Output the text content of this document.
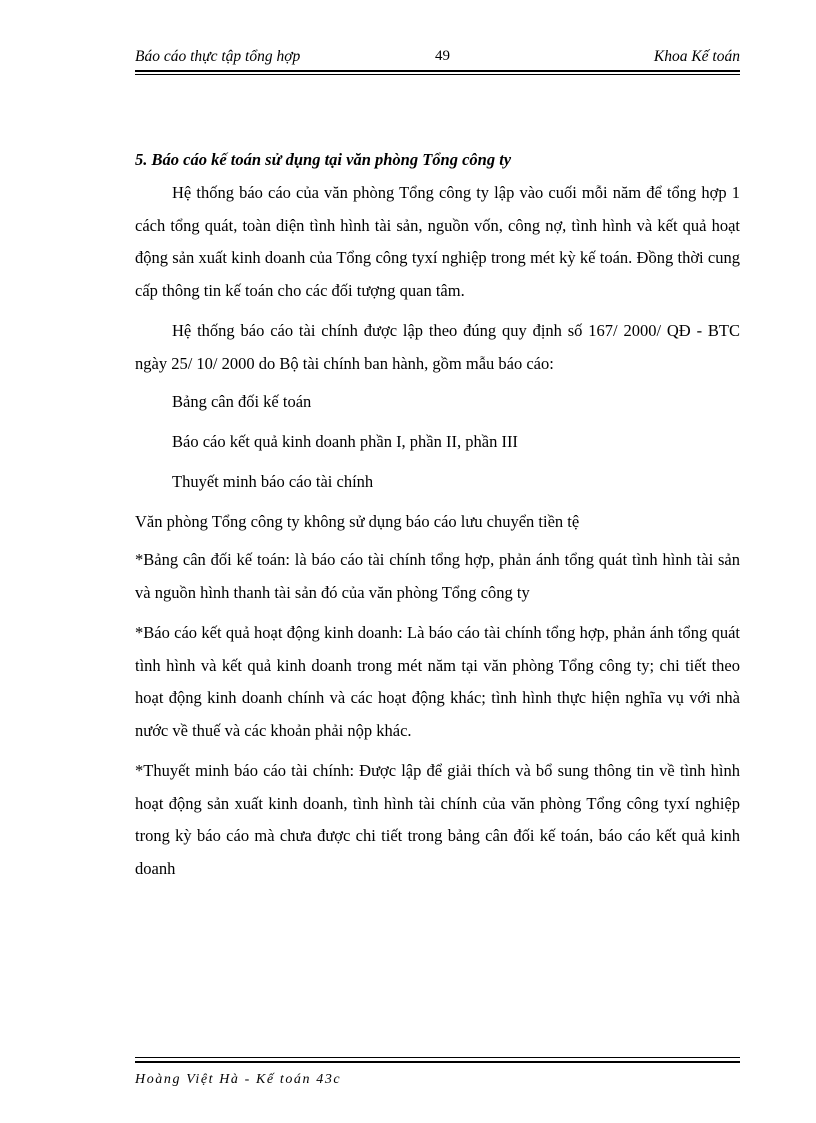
Báo cáo thực tập tổng hợp	49	Khoa Kế toán

5. Báo cáo kế toán sử dụng tại văn phòng Tổng công ty

Hệ thống báo cáo của văn phòng Tổng công ty lập vào cuối mỗi năm để tổng hợp 1 cách tổng quát, toàn diện tình hình tài sản, nguồn vốn, công nợ, tình hình và kết quả hoạt động sản xuất kinh doanh của Tổng công tyxí nghiệp trong mét kỳ kế toán. Đồng thời cung cấp thông tin kế toán cho các đối tượng quan tâm.

Hệ thống báo cáo tài chính được lập theo đúng quy định số 167/ 2000/ QĐ - BTC ngày 25/ 10/ 2000 do Bộ tài chính ban hành, gồm mẫu báo cáo:

Bảng cân đối kế toán

Báo cáo kết quả kinh doanh phần I, phần II, phần III

Thuyết minh báo cáo tài chính

Văn phòng Tổng công ty không sử dụng báo cáo lưu chuyển tiền tệ

*Bảng cân đối kế toán: là báo cáo tài chính tổng hợp, phản ánh tổng quát tình hình tài sản và nguồn hình thanh tài sản đó của văn phòng Tổng công ty

*Báo cáo kết quả hoạt động kinh doanh: Là báo cáo tài chính tổng hợp, phản ánh tổng quát tình hình và kết quả kinh doanh trong mét năm tại văn phòng Tổng công ty; chi tiết theo hoạt động kinh doanh chính và các hoạt động khác; tình hình thực hiện nghĩa vụ với nhà nước về thuế và các khoản phải nộp khác.

*Thuyết minh báo cáo tài chính: Được lập để giải thích và bổ sung thông tin về tình hình hoạt động sản xuất kinh doanh, tình hình tài chính của văn phòng Tổng công tyxí nghiệp trong kỳ báo cáo mà chưa được chi tiết trong bảng cân đối kế toán, báo cáo kết quả kinh doanh

Hoàng Việt Hà - Kế toán 43c
